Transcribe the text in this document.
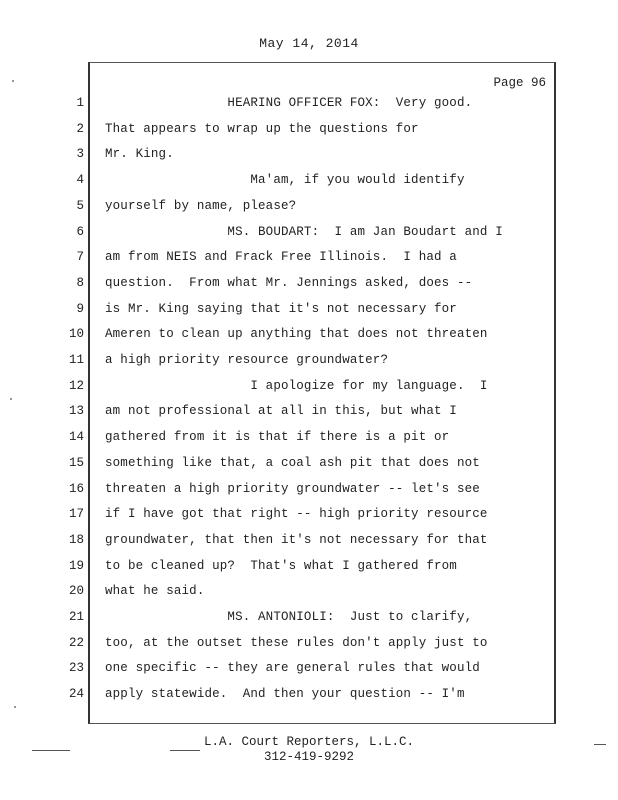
May 14, 2014
Page 96
1 HEARING OFFICER FOX:  Very good.
2 That appears to wrap up the questions for
3 Mr. King.
4 Ma'am, if you would identify
5 yourself by name, please?
6 MS. BOUDART:  I am Jan Boudart and I
7 am from NEIS and Frack Free Illinois.  I had a
8 question.  From what Mr. Jennings asked, does --
9 is Mr. King saying that it's not necessary for
10 Ameren to clean up anything that does not threaten
11 a high priority resource groundwater?
12 I apologize for my language.  I
13 am not professional at all in this, but what I
14 gathered from it is that if there is a pit or
15 something like that, a coal ash pit that does not
16 threaten a high priority groundwater -- let's see
17 if I have got that right -- high priority resource
18 groundwater, that then it's not necessary for that
19 to be cleaned up?  That's what I gathered from
20 what he said.
21 MS. ANTONIOLI:  Just to clarify,
22 too, at the outset these rules don't apply just to
23 one specific -- they are general rules that would
24 apply statewide.  And then your question -- I'm
L.A. Court Reporters, L.L.C.
312-419-9292
